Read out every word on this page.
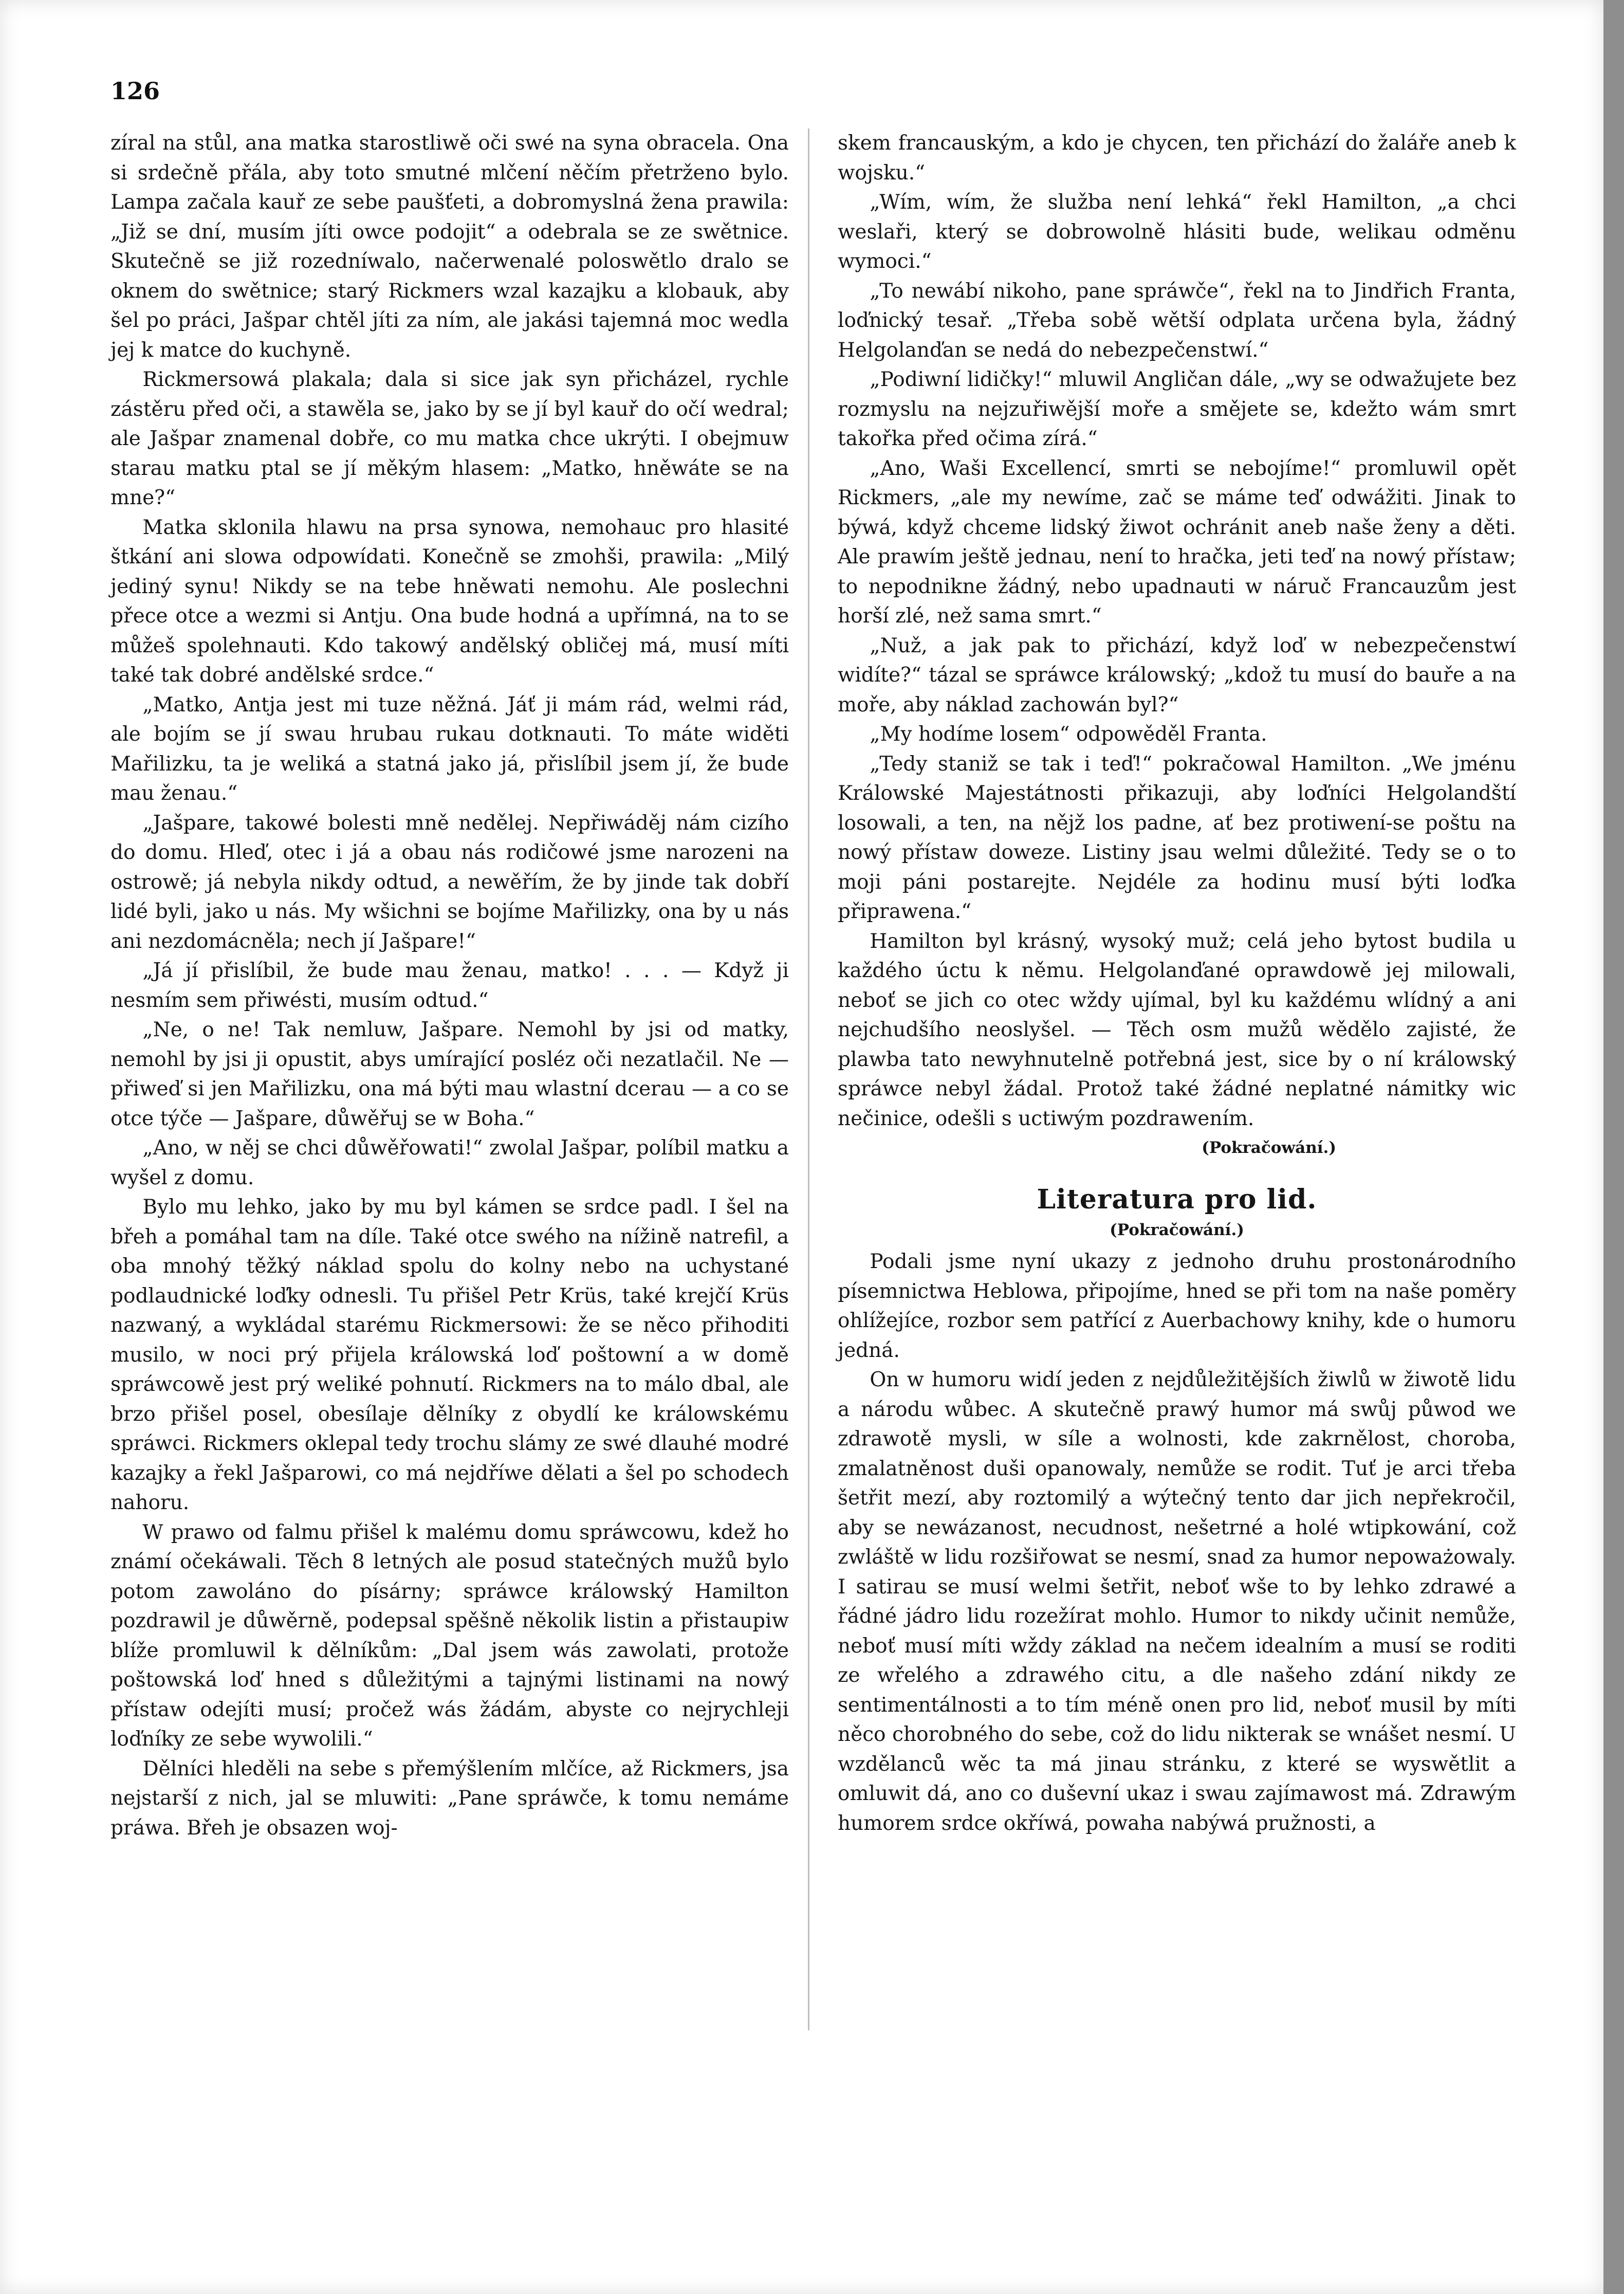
126

zíral na stůl, ana matka starostliwě oči swé na syna obracela. Ona si srdečně přála, aby toto smutné mlčení něčím přetrženo bylo. Lampa začala kauř ze sebe paušťeti, a dobromyslná žena prawila: „Již se dní, musím jíti owce podojit“ a odebrala se ze swětnice. Skutečně se již rozedníwalo, načerwenalé poloswětlo dralo se oknem do swětnice; starý Rickmers wzal kazajku a klobauk, aby šel po práci, Jašpar chtěl jíti za ním, ale jakási tajemná moc wedla jej k matce do kuchyně.

Rickmersowá plakala; dala si sice jak syn přicházel, rychle zástěru před oči, a stawěla se, jako by se jí byl kauř do očí wedral; ale Jašpar znamenal dobře, co mu matka chce ukrýti. I obejmuw starau matku ptal se jí měkým hlasem: „Matko, hněwáte se na mne?“

Matka sklonila hlawu na prsa synowa, nemohauc pro hlasité štkání ani slowa odpowídati. Konečně se zmohši, prawila: „Milý jediný synu! Nikdy se na tebe hněwati nemohu. Ale poslechni přece otce a wezmi si Antju. Ona bude hodná a upřímná, na to se můžeš spolehnauti. Kdo takowý andělský obličej má, musí míti také tak dobré andělské srdce.“

„Matko, Antja jest mi tuze něžná. Jáť ji mám rád, welmi rád, ale bojím se jí swau hrubau rukau dotknauti. To máte widěti Mařilizku, ta je weliká a statná jako já, přislíbil jsem jí, že bude mau ženau.“

„Jašpare, takowé bolesti mně nedělej. Nepřiwáděj nám cizího do domu. Hleď, otec i já a obau nás rodičowé jsme narozeni na ostrowě; já nebyla nikdy odtud, a newěřím, že by jinde tak dobří lidé byli, jako u nás. My wšichni se bojíme Mařilizky, ona by u nás ani nezdomácněla; nech jí Jašpare!“

„Já jí přislíbil, že bude mau ženau, matko! . . . — Když ji nesmím sem přiwésti, musím odtud.“

„Ne, o ne! Tak nemluw, Jašpare. Nemohl by jsi od matky, nemohl by jsi ji opustit, abys umírající posléz oči nezatlačil. Ne — přiweď si jen Mařilizku, ona má býti mau wlastní dcerau — a co se otce týče — Jašpare, důwěřuj se w Boha.“

„Ano, w něj se chci důwěřowati!“ zwolal Jašpar, políbil matku a wyšel z domu.

Bylo mu lehko, jako by mu byl kámen se srdce padl. I šel na břeh a pomáhal tam na díle. Také otce swého na nížině natrefil, a oba mnohý těžký náklad spolu do kolny nebo na uchystané podlaudnické loďky odnesli. Tu přišel Petr Krüs, také krejčí Krüs nazwaný, a wykládal starému Rickmersowi: že se něco přihoditi musilo, w noci prý přijela králowská loď poštowní a w domě spráwcowě jest prý weliké pohnutí. Rickmers na to málo dbal, ale brzo přišel posel, obesílaje dělníky z obydlí ke králowskému spráwci. Rickmers oklepal tedy trochu slámy ze swé dlauhé modré kazajky a řekl Jašparowi, co má nejdříwe dělati a šel po schodech nahoru.

W prawo od falmu přišel k malému domu spráwcowu, kdež ho známí očekáwali. Těch 8 letných ale posud statečných mužů bylo potom zawoláno do písárny; spráwce králowský Hamilton pozdrawil je důwěrně, podepsal spěšně několik listin a přistaupiw blíže promluwil k dělníkům: „Dal jsem wás zawolati, protože poštowská loď hned s důležitými a tajnými listinami na nowý přístaw odejíti musí; pročež wás žádám, abyste co nejrychleji loďníky ze sebe wywolili.“

Dělníci hleděli na sebe s přemýšlením mlčíce, až Rickmers, jsa nejstarší z nich, jal se mluwiti: „Pane spráwče, k tomu nemáme práwa. Břeh je obsazen woj-

skem francauským, a kdo je chycen, ten přichází do žaláře aneb k wojsku.“

„Wím, wím, že služba není lehká“ řekl Hamilton, „a chci weslaři, který se dobrowolně hlásiti bude, welikau odměnu wymoci.“

„To newábí nikoho, pane spráwče“, řekl na to Jindřich Franta, loďnický tesař. „Třeba sobě wětší odplata určena byla, žádný Helgolanďan se nedá do nebezpečenstwí.“

„Podiwní lidičky!“ mluwil Angličan dále, „wy se odwažujete bez rozmyslu na nejzuřiwější moře a smějete se, kdežto wám smrt takořka před očima zírá.“

„Ano, Waši Excellencí, smrti se nebojíme!“ promluwil opět Rickmers, „ale my newíme, zač se máme teď odwážiti. Jinak to býwá, když chceme lidský žiwot ochránit aneb naše ženy a děti. Ale prawím ještě jednau, není to hračka, jeti teď na nowý přístaw; to nepodnikne žádný, nebo upadnauti w náruč Francauzům jest horší zlé, než sama smrt.“

„Nuž, a jak pak to přichází, když loď w nebezpečenstwí widíte?“ tázal se spráwce králowský; „kdož tu musí do bauře a na moře, aby náklad zachowán byl?“

„My hodíme losem“ odpowěděl Franta.

„Tedy staniž se tak i teď!“ pokračowal Hamilton. „We jménu Králowské Majestátnosti přikazuji, aby loďníci Helgolandští losowali, a ten, na nějž los padne, ať bez protiwení-se poštu na nowý přístaw doweze. Listiny jsau welmi důležité. Tedy se o to moji páni postarejte. Nejdéle za hodinu musí býti loďka připrawena.“

Hamilton byl krásný, wysoký muž; celá jeho bytost budila u každého úctu k němu. Helgolanďané oprawdowě jej milowali, neboť se jich co otec wždy ujímal, byl ku každému wlídný a ani nejchudšího neoslyšel. — Těch osm mužů wědělo zajisté, že plawba tato newyhnutelně potřebná jest, sice by o ní králowský spráwce nebyl žádal. Protož také žádné neplatné námitky wic nečinice, odešli s uctiwým pozdrawením.

(Pokračowání.)

Literatura pro lid.

(Pokračowání.)

Podali jsme nyní ukazy z jednoho druhu prostonárodního písemnictwa Heblowa, připojíme, hned se při tom na naše poměry ohlížejíce, rozbor sem patřící z Auerbachowy knihy, kde o humoru jedná.

On w humoru widí jeden z nejdůležitějších žiwlů w žiwotě lidu a národu wůbec. A skutečně prawý humor má swůj půwod we zdrawotě mysli, w síle a wolnosti, kde zakrnělost, choroba, zmalatněnost duši opanowaly, nemůže se rodit. Tuť je arci třeba šetřit mezí, aby roztomilý a wýtečný tento dar jich nepřekročil, aby se newázanost, necudnost, nešetrné a holé wtipkowání, což zwláště w lidu rozšiřowat se nesmí, snad za humor nepoważowaly. I satirau se musí welmi šetřit, neboť wše to by lehko zdrawé a řádné jádro lidu rozežírat mohlo. Humor to nikdy učinit nemůže, neboť musí míti wždy základ na nečem idealním a musí se roditi ze wřelého a zdrawého citu, a dle našeho zdání nikdy ze sentimentálnosti a to tím méně onen pro lid, neboť musil by míti něco chorobného do sebe, což do lidu nikterak se wnášet nesmí. U wzdělanců wěc ta má jinau stránku, z které se wyswětlit a omluwit dá, ano co duševní ukaz i swau zajímawost má. Zdrawým humorem srdce okříwá, powaha nabýwá pružnosti, a
